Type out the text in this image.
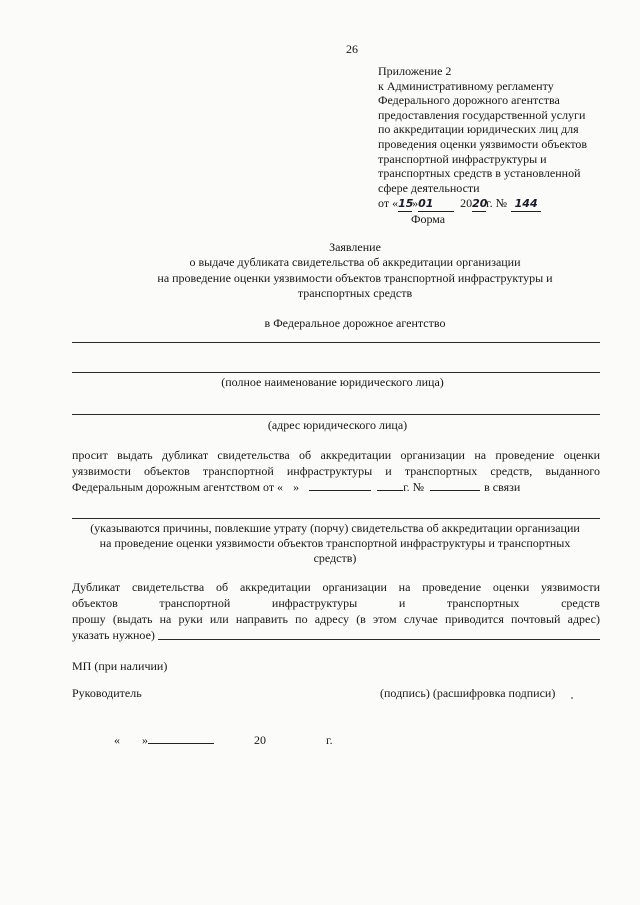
26
Приложение 2
к Административному регламенту
Федерального дорожного агентства
предоставления государственной услуги
по аккредитации юридических лиц для
проведения оценки уязвимости объектов
транспортной инфраструктуры и
транспортных средств в установленной
сфере деятельности
от «15»01 2020г. № 144
Форма
Заявление
о выдаче дубликата свидетельства об аккредитации организации
на проведение оценки уязвимости объектов транспортной инфраструктуры и
транспортных средств
в Федеральное дорожное агентство
(полное наименование юридического лица)
(адрес юридического лица)
просит выдать дубликат свидетельства об аккредитации организации на проведение оценки
уязвимости объектов транспортной инфраструктуры и транспортных средств, выданного
Федеральным дорожным агентством от « »	г. №	в связи
(указываются причины, повлекшие утрату (порчу) свидетельства об аккредитации организации
на проведение оценки уязвимости объектов транспортной инфраструктуры и транспортных
средств)
Дубликат свидетельства об аккредитации организации на проведение оценки уязвимости
объектов	транспортной	инфраструктуры	и	транспортных	средств
прошу (выдать на руки или направить по адресу (в этом случае приводится почтовый адрес)
указать нужное)
МП (при наличии)
Руководитель	(подпись) (расшифровка подписи)
« »	20	г.
